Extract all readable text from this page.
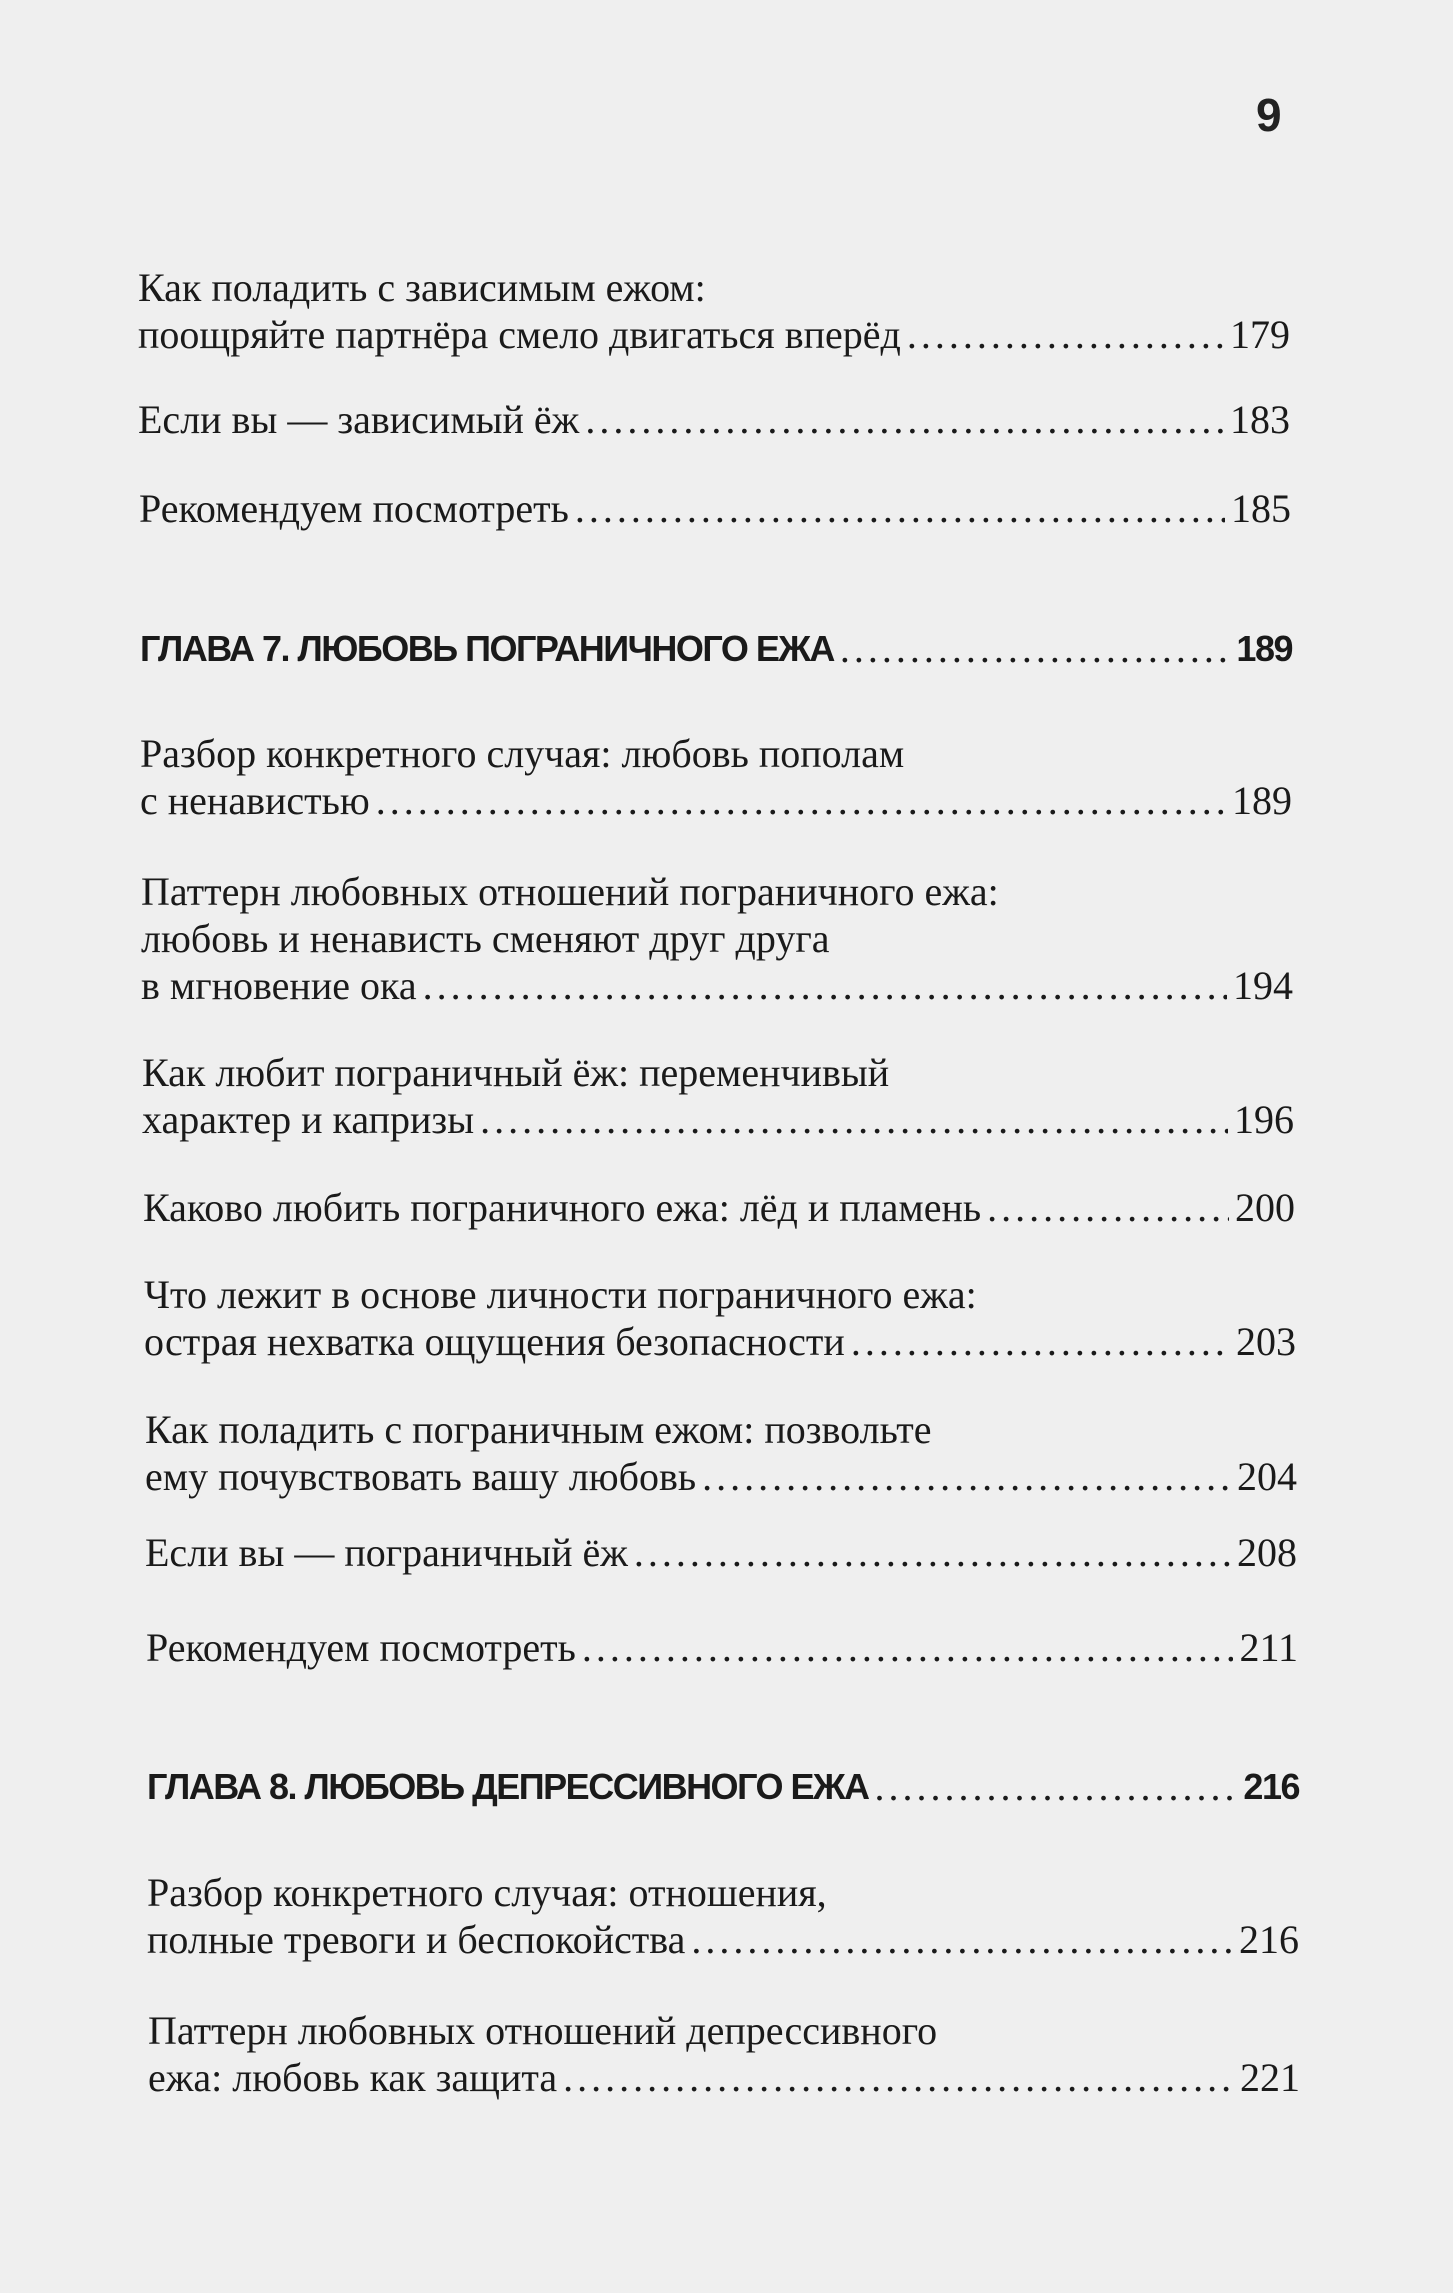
9
Как поладить с зависимым ежом:
поощряйте партнёра смело двигаться вперёд .....	179
Если вы — зависимый ёж .....	183
Рекомендуем посмотреть .....	185
ГЛАВА 7. ЛЮБОВЬ ПОГРАНИЧНОГО ЕЖА .....	189
Разбор конкретного случая: любовь пополам
с ненавистью .....	189
Паттерн любовных отношений пограничного ежа:
любовь и ненависть сменяют друг друга
в мгновение ока .....	194
Как любит пограничный ёж: переменчивый
характер и капризы .....	196
Каково любить пограничного ежа: лёд и пламень .....	200
Что лежит в основе личности пограничного ежа:
острая нехватка ощущения безопасности .....	203
Как поладить с пограничным ежом: позвольте
ему почувствовать вашу любовь .....	204
Если вы — пограничный ёж .....	208
Рекомендуем посмотреть .....	211
ГЛАВА 8. ЛЮБОВЬ ДЕПРЕССИВНОГО ЕЖА .....	216
Разбор конкретного случая: отношения,
полные тревоги и беспокойства .....	216
Паттерн любовных отношений депрессивного
ежа: любовь как защита .....	221
